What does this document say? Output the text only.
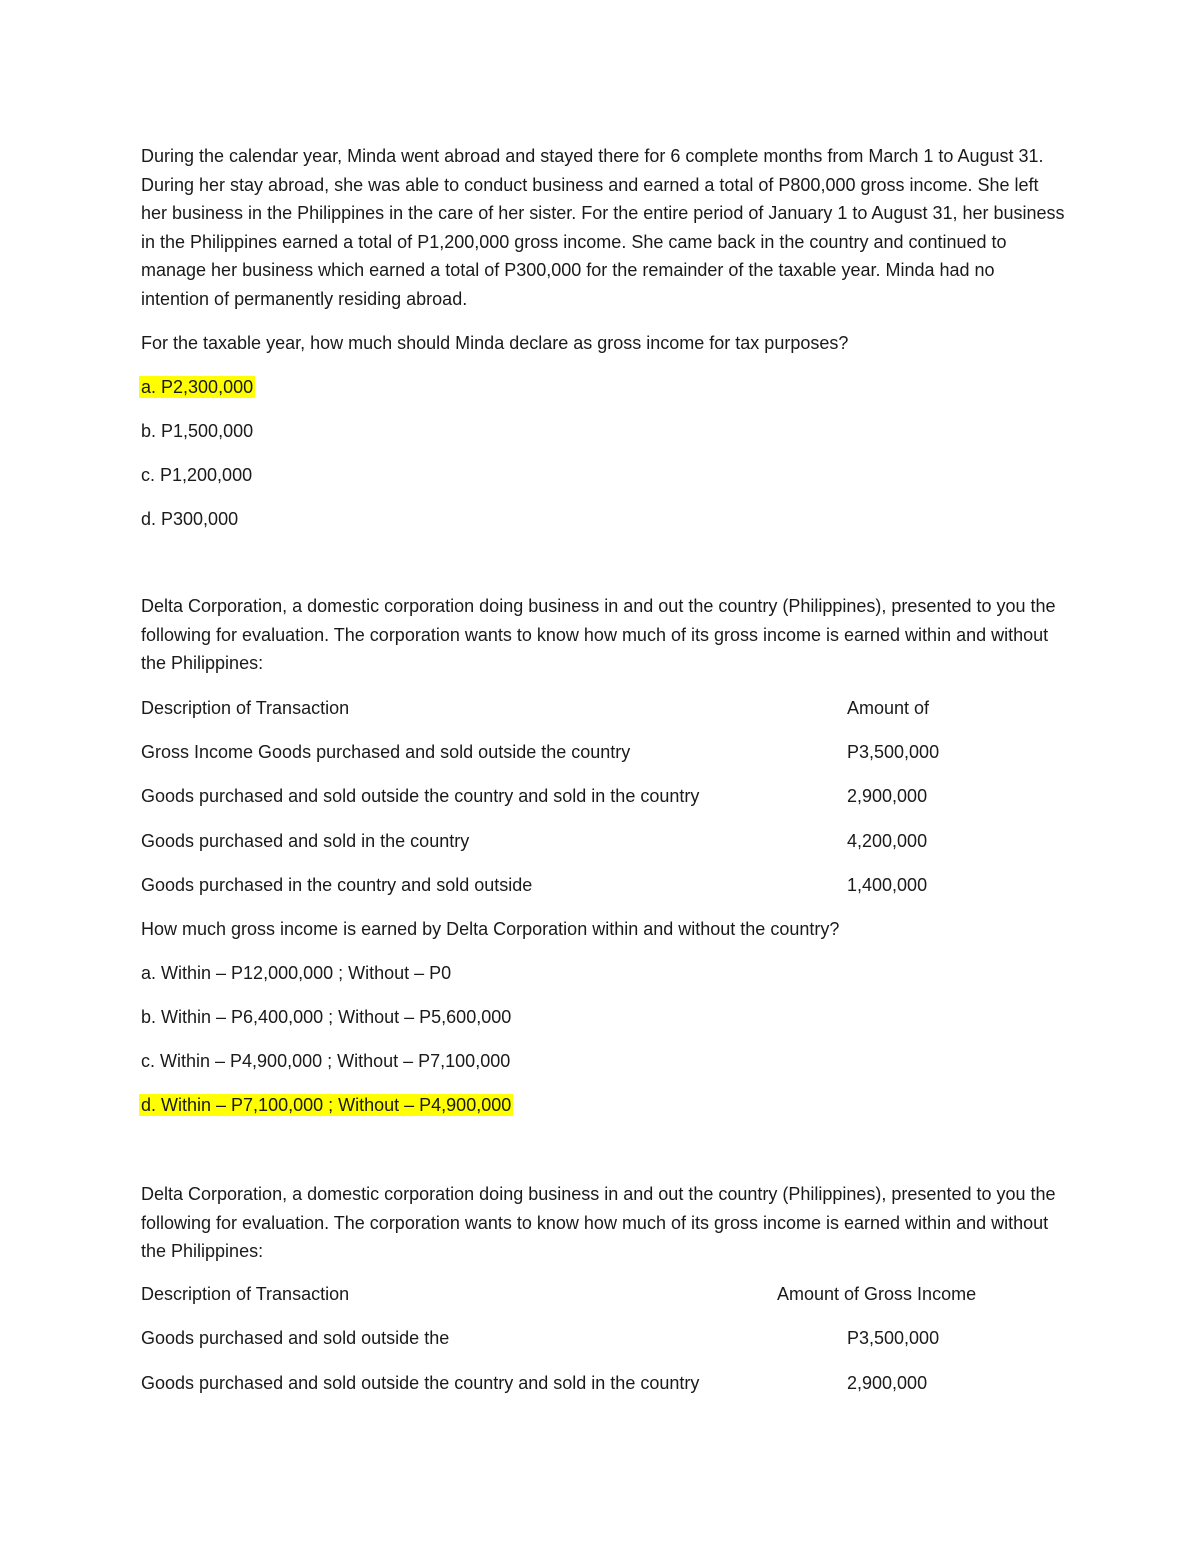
During the calendar year, Minda went abroad and stayed there for 6 complete months from March 1 to August 31. During her stay abroad, she was able to conduct business and earned a total of P800,000 gross income. She left her business in the Philippines in the care of her sister. For the entire period of January 1 to August 31, her business in the Philippines earned a total of P1,200,000 gross income. She came back in the country and continued to manage her business which earned a total of P300,000 for the remainder of the taxable year. Minda had no intention of permanently residing abroad.

For the taxable year, how much should Minda declare as gross income for tax purposes?
a. P2,300,000
b. P1,500,000
c. P1,200,000
d. P300,000

Delta Corporation, a domestic corporation doing business in and out the country (Philippines), presented to you the following for evaluation. The corporation wants to know how much of its gross income is earned within and without the Philippines:

Description of Transaction	Amount of
Gross Income Goods purchased and sold outside the country	P3,500,000
Goods purchased and sold outside the country and sold in the country	2,900,000
Goods purchased and sold in the country	4,200,000
Goods purchased in the country and sold outside	1,400,000
How much gross income is earned by Delta Corporation within and without the country?
a. Within – P12,000,000 ; Without – P0
b. Within – P6,400,000 ; Without – P5,600,000
c. Within – P4,900,000 ; Without – P7,100,000
d. Within – P7,100,000 ; Without – P4,900,000

Delta Corporation, a domestic corporation doing business in and out the country (Philippines), presented to you the following for evaluation. The corporation wants to know how much of its gross income is earned within and without the Philippines:

Description of Transaction	Amount of Gross Income
Goods purchased and sold outside the	P3,500,000
Goods purchased and sold outside the country and sold in the country	2,900,000
